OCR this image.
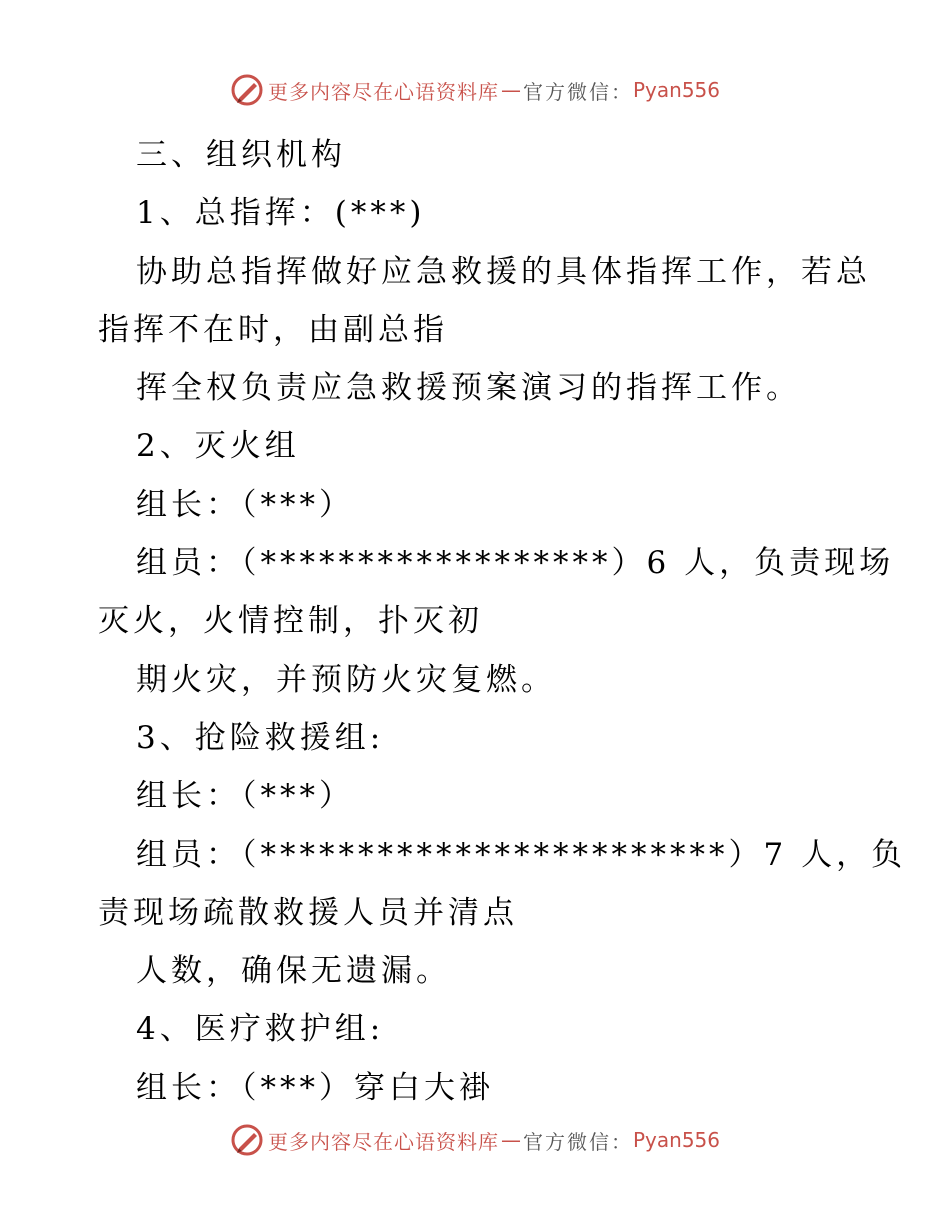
更多内容尽在心语资料库 — 官方微信： Pyan556
三、组织机构
1、总指挥：(***)
协助总指挥做好应急救援的具体指挥工作，若总
指挥不在时，由副总指
挥全权负责应急救援预案演习的指挥工作。
2、灭火组
组长：（***）
组员：（******************）6 人，负责现场
灭火，火情控制，扑灭初
期火灾，并预防火灾复燃。
3、抢险救援组:
组长：（***）
组员：（************************）7 人，负
责现场疏散救援人员并清点
人数，确保无遗漏。
4、医疗救护组:
组长：（***）穿白大褂
更多内容尽在心语资料库 — 官方微信： Pyan556
